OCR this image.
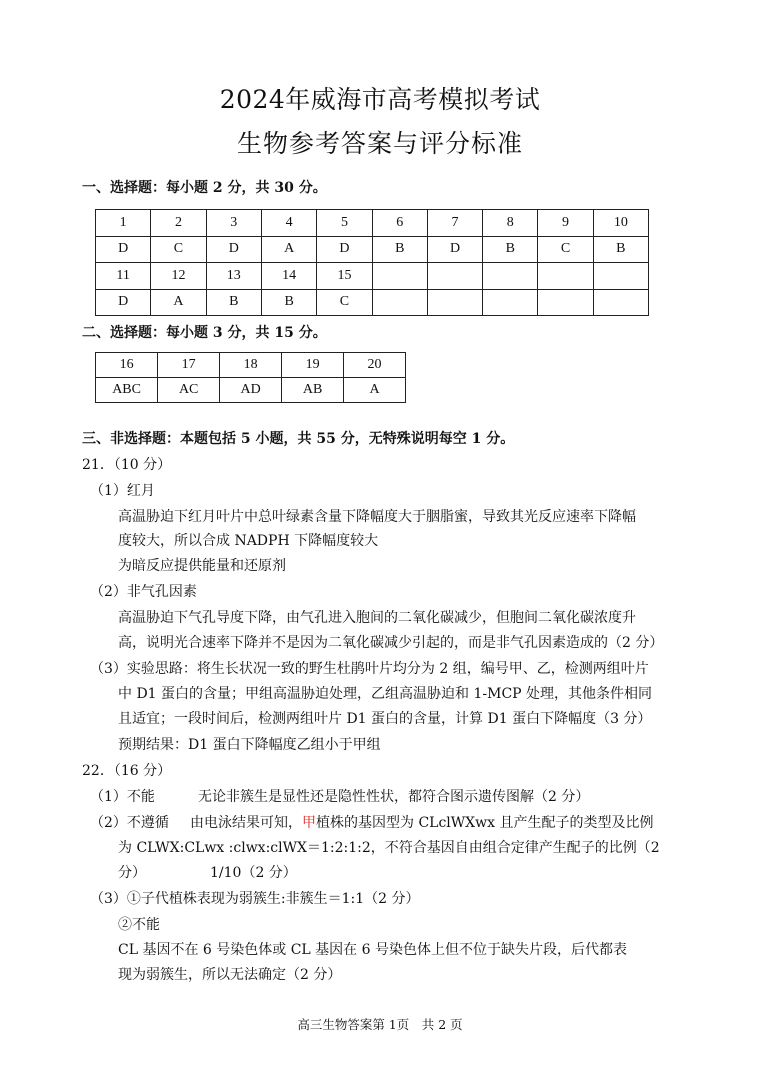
2024年威海市高考模拟考试
生物参考答案与评分标准
一、选择题：每小题 2 分，共 30 分。
1	2	3	4	5	6	7	8	9	10
D	C	D	A	D	B	D	B	C	B
11	12	13	14	15					
D	A	B	B	C					
二、选择题：每小题 3 分，共 15 分。
16	17	18	19	20
ABC	AC	AD	AB	A
三、非选择题：本题包括 5 小题，共 55 分，无特殊说明每空 1 分。
21．（10 分）
（1）红月
高温胁迫下红月叶片中总叶绿素含量下降幅度大于胭脂蜜，导致其光反应速率下降幅
度较大，所以合成 NADPH 下降幅度较大
为暗反应提供能量和还原剂
（2）非气孔因素
高温胁迫下气孔导度下降，由气孔进入胞间的二氧化碳减少，但胞间二氧化碳浓度升
高，说明光合速率下降并不是因为二氧化碳减少引起的，而是非气孔因素造成的（2 分）
（3）实验思路：将生长状况一致的野生杜鹃叶片均分为 2 组，编号甲、乙，检测两组叶片
中 D1 蛋白的含量；甲组高温胁迫处理，乙组高温胁迫和 1-MCP 处理，其他条件相同
且适宜；一段时间后，检测两组叶片 D1 蛋白的含量，计算 D1 蛋白下降幅度（3 分）
预期结果：D1 蛋白下降幅度乙组小于甲组
22．（16 分）
（1）不能	无论非簇生是显性还是隐性性状，都符合图示遗传图解（2 分）
（2）不遵循 由电泳结果可知，甲植株的基因型为 CLclWXwx 且产生配子的类型及比例
为 CLWX:CLwx :clwx:clWX＝1:2:1:2，不符合基因自由组合定律产生配子的比例（2
分）	1/10（2 分）
（3）①子代植株表现为弱簇生:非簇生＝1:1（2 分）
②不能
CL 基因不在 6 号染色体或 CL 基因在 6 号染色体上但不位于缺失片段，后代都表
现为弱簇生，所以无法确定（2 分）
高三生物答案第 1页　共 2 页
